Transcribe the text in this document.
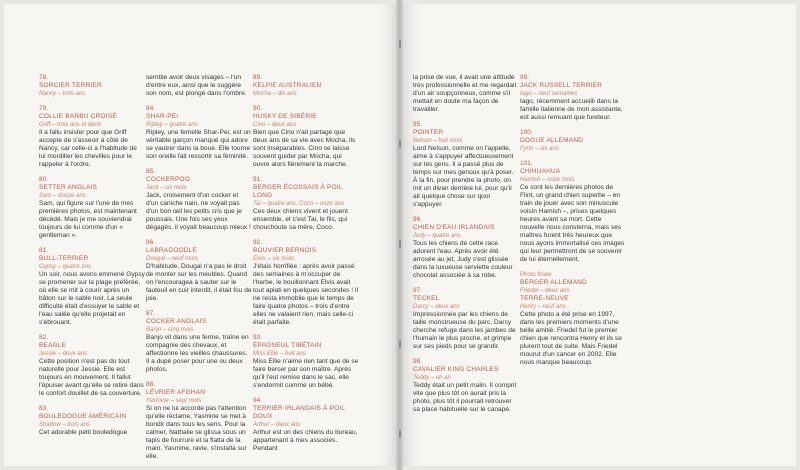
78.
SORCIER TERRIER
Nancy – trois ans
79.
COLLIE BARBU CROISÉ
Griff – trois ans et demi
Il a fallu insister pour que Griff accepte de s'asseoir à côté de Nancy, car celle-ci a l'habitude de lui mordiller les chevilles pour le rappeler à l'ordre.
80.
SETTER ANGLAIS
Sam – douze ans
Sam, qui figure sur l'une de mes premières photos, est maintenant décédé. Mais je me souviendrai toujours de lui comme d'un « gentleman ».
81.
BULL-TERRIER
Gypsy – quatre ans
Un soir, nous avons emmené Gypsy se promener sur la plage préférée, où elle se mit à courir après un bâton sur le sable noir. La seule difficulté était d'essuyer le sable et l'eau salée qu'elle projetait en s'ébrouant.
82.
BEAGLE
Jessie – deux ans
Cette position n'est pas du tout naturelle pour Jessie. Elle est toujours en mouvement. Il fallut l'épuiser avant qu'elle se retire dans le confort douillet de sa couverture.
83.
BOULEDOGUE AMÉRICAIN
Shadow – trois ans
Cet adorable petit bouledogue
semble avoir deux visages – l'un d'entre eux, ainsi que le suggère son nom, est plongé dans l'ombre.
84.
SHAR-PEI
Ripley – quatre ans
Ripley, une femelle Shar-Pei, est un véritable garçon manqué qui adore se vautrer dans la boue. Elle tourne son oreille fait ressortir sa féminité.
85.
COCKERPOO
Jack – six mois
Jack, croisement d'un cocker et d'un caniche nain, ne voyait pas d'un bon œil les petits cris que je poussais. Une fois ses yeux dégagés, il voyait beaucoup mieux !
86.
LABRADOODLE
Dougal – neuf mois
D'habitude, Dougal n'a pas le droit de monter sur les meubles. Quand on l'encouragea à sauter sur le fauteuil en cuir interdit, il était fou de joie.
87.
COCKER ANGLAIS
Banjo – cinq mois
Banjo vit dans une ferme, traîne en compagnie des chevaux, et affectionne les vieilles chaussures. Il a dupé poser pour une ou deux photos.
88.
LÉVRIER AFGHAN
Yasmine – sept mois
Si on ne lui accorde pas l'attention qu'elle réclame, Yasmine se met à bondir dans tous les sens. Pour la calmer, Nathalie se glissa sous un tapis de fourrure et la flatta de la main. Yasmine, ravie, s'installa sur elle.
89.
KELPIE AUSTRALIEN
Mocha – dix ans
90.
HUSKY DE SIBÉRIE
Cino – deux ans
Bien que Cino n'ait partagé que deux ans de sa vie avec Mocha, ils sont inséparables. Cino se laisse souvent guider par Mocha, qui ouvre alors fièrement la marche.
91.
BERGER ÉCOSSAIS À POIL LONG
Tai – quatre ans, Coco – onze ans
Ces deux chiens vivent et jouent ensemble, et c'est Tai, le fils, qui chouchoute sa mère, Coco.
92.
BOUVIER BERNOIS
Elvis – six mois
J'étais horrifiée : après avoir passé des semaines à m'occuper de l'herbe, le bouillonnant Elvis avait tout aplati en quelques secondes ! Il ne resta immobile que le temps de faire quatre photos – trois d'entre elles ne valaient rien, mais celle-ci était parfaite.
93.
ÉPAGNEUL TIBÉTAIN
Miss Ellie – huit ans
Miss Ellie n'aime rien tant que de se faire bercer par son maître. Après qu'il l'eut remise dans le sac, elle s'endormit comme un bébé.
94.
TERRIER IRLANDAIS À POIL DOUX
Arthur – deux ans
Arthur est un des chiens du bureau, appartenant à mes associés. Pendant
la prise de vue, il avait une attitude très professionnelle et me regardait d'un air soupçonneux, comme s'il mettait en doute ma façon de travailler.
95.
POINTER
Nelson – huit mois
Lord Nelson, comme on l'appelle, aime à s'appuyer affectueusement sur les gens. Il a passé plus de temps sur mes genoux qu'à poser. À la fin, pour prendre la photo, on mit un divan derrière lui, pour qu'il ait quelque chose sur quoi s'appuyer.
96.
CHIEN D'EAU IRLANDAIS
Judy – quatre ans
Tous les chiens de cette race adorent l'eau. Après avoir été arrosée au jet, Judy s'est glissée dans la luxueuse serviette couleur chocolat associée à sa robe.
97.
TECKEL
Darcy – deux ans
Impressionnée par les chiens de taille monstrueuse du parc, Darcy cherche refuge dans les jambes de l'humain le plus proche, et grimpe sur ses pieds pour se grandir.
98.
CAVALIER KING CHARLES
Teddy – un an
Teddy était un petit malin. Il comprit vite que plus tôt on aurait pris la photo, plus tôt il pourrait retrouver sa place habituelle sur le canapé.
99.
JACK RUSSELL TERRIER
Iago – neuf semaines
Iago, récemment accueilli dans la famille italienne de mon assistante, est aussi remuant que fureteur.
100.
DOGUE ALLEMAND
Fynn – six ans
101.
CHIHUAHUA
Hamish – onze mois
Ce sont les dernières photos de Flint, un grand chien superbe – en train de jouer avec son minuscule voisin Hamish –, prises quelques heures avant sa mort. Cette nouvelle nous consterna, mais ses maîtres furent très heureux que nous ayons immortalisé ces images qui leur permettront de se souvenir de lui éternellement.
Photo finale
BERGER ALLEMAND
Friedel – deux ans
TERRE-NEUVE
Henry – neuf ans
Cette photo a été prise en 1997, dans les premiers moments d'une belle amitié. Friedel fut le premier chien que rencontra Henry et ils se plurent tout de suite. Mais Friedel mourut d'un cancer en 2002. Elle nous manque beaucoup.
